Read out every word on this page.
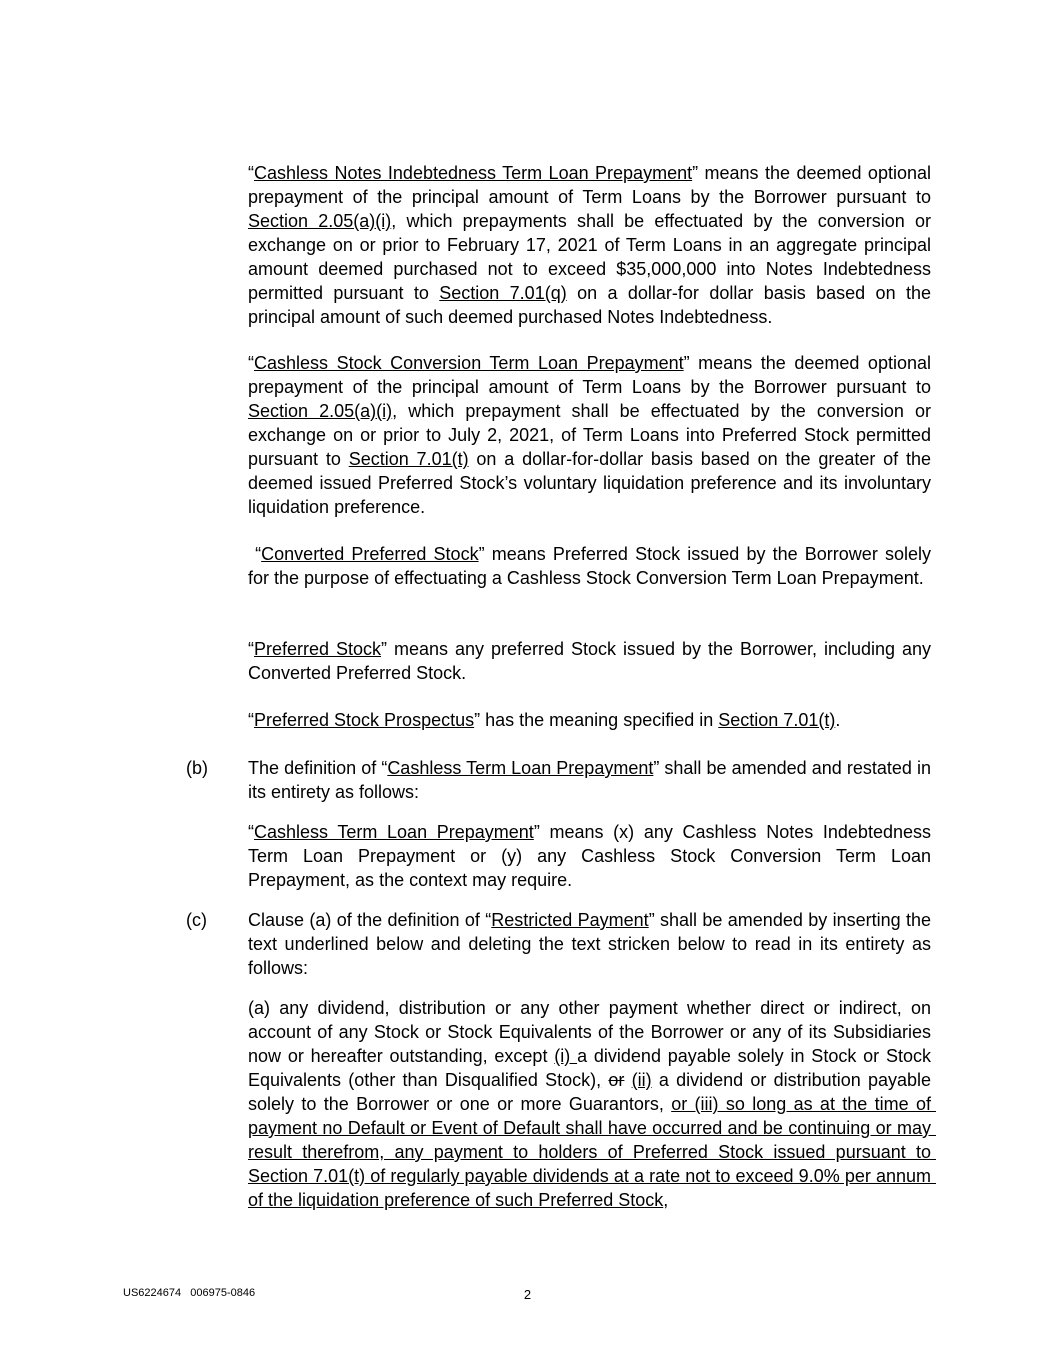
“Cashless Notes Indebtedness Term Loan Prepayment” means the deemed optional prepayment of the principal amount of Term Loans by the Borrower pursuant to Section 2.05(a)(i), which prepayments shall be effectuated by the conversion or exchange on or prior to February 17, 2021 of Term Loans in an aggregate principal amount deemed purchased not to exceed $35,000,000 into Notes Indebtedness permitted pursuant to Section 7.01(q) on a dollar-for dollar basis based on the principal amount of such deemed purchased Notes Indebtedness.

“Cashless Stock Conversion Term Loan Prepayment” means the deemed optional prepayment of the principal amount of Term Loans by the Borrower pursuant to Section 2.05(a)(i), which prepayment shall be effectuated by the conversion or exchange on or prior to July 2, 2021, of Term Loans into Preferred Stock permitted pursuant to Section 7.01(t) on a dollar-for-dollar basis based on the greater of the deemed issued Preferred Stock’s voluntary liquidation preference and its involuntary liquidation preference.

“Converted Preferred Stock” means Preferred Stock issued by the Borrower solely for the purpose of effectuating a Cashless Stock Conversion Term Loan Prepayment.

“Preferred Stock” means any preferred Stock issued by the Borrower, including any Converted Preferred Stock.

“Preferred Stock Prospectus” has the meaning specified in Section 7.01(t).

(b) The definition of “Cashless Term Loan Prepayment” shall be amended and restated in its entirety as follows:

“Cashless Term Loan Prepayment” means (x) any Cashless Notes Indebtedness Term Loan Prepayment or (y) any Cashless Stock Conversion Term Loan Prepayment, as the context may require.

(c) Clause (a) of the definition of “Restricted Payment” shall be amended by inserting the text underlined below and deleting the text stricken below to read in its entirety as follows:

(a) any dividend, distribution or any other payment whether direct or indirect, on account of any Stock or Stock Equivalents of the Borrower or any of its Subsidiaries now or hereafter outstanding, except (i) a dividend payable solely in Stock or Stock Equivalents (other than Disqualified Stock), or (ii) a dividend or distribution payable solely to the Borrower or one or more Guarantors, or (iii) so long as at the time of payment no Default or Event of Default shall have occurred and be continuing or may result therefrom, any payment to holders of Preferred Stock issued pursuant to Section 7.01(t) of regularly payable dividends at a rate not to exceed 9.0% per annum of the liquidation preference of such Preferred Stock,

US6224674   006975-0846	2
